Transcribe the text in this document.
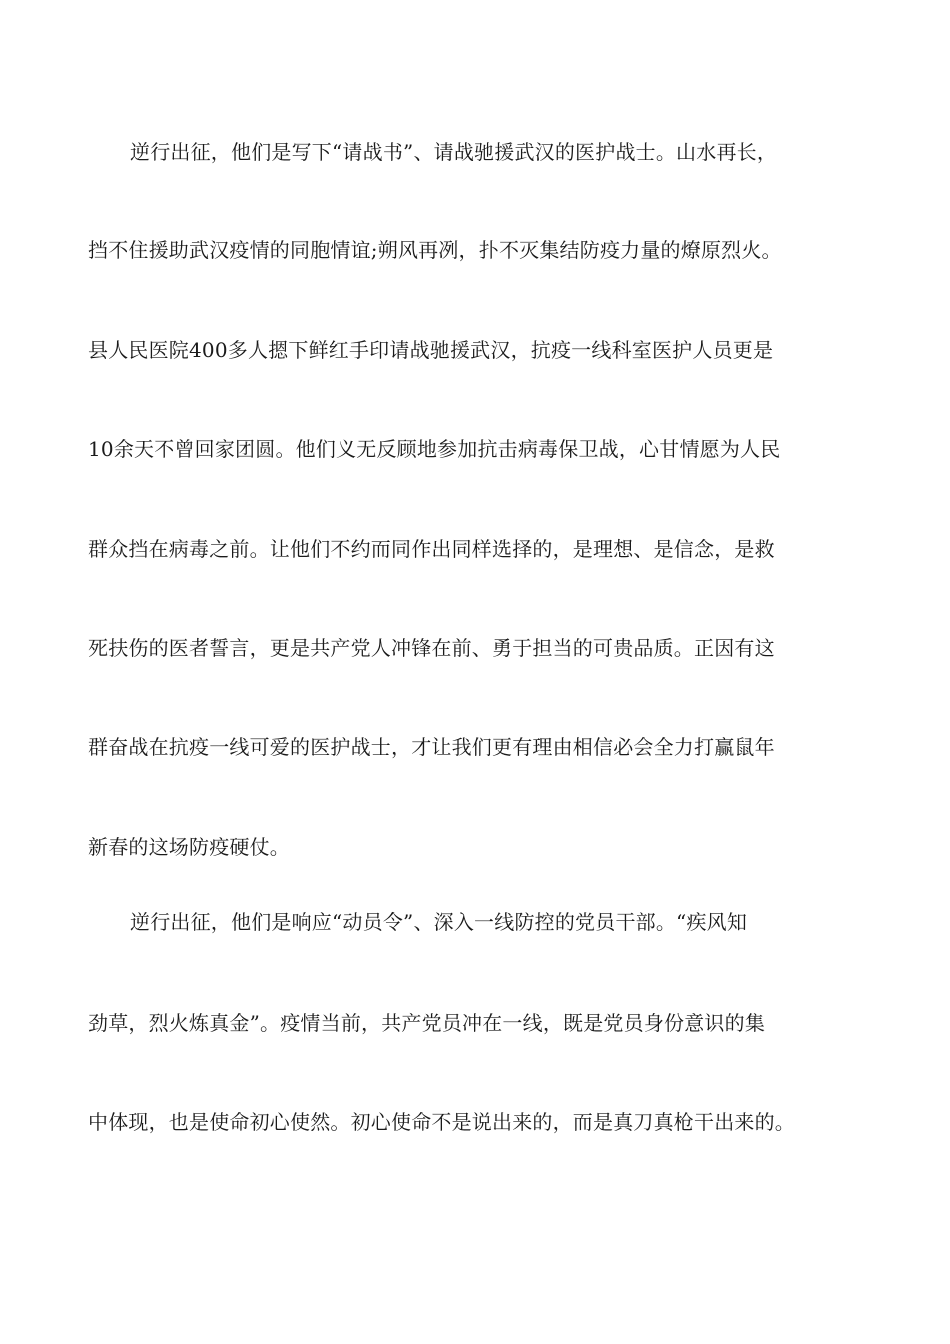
逆行出征，他们是写下“请战书”、请战驰援武汉的医护战士。山水再长，
挡不住援助武汉疫情的同胞情谊;朔风再冽，扑不灭集结防疫力量的燎原烈火。
县人民医院400多人摁下鲜红手印请战驰援武汉，抗疫一线科室医护人员更是
10余天不曾回家团圆。他们义无反顾地参加抗击病毒保卫战，心甘情愿为人民
群众挡在病毒之前。让他们不约而同作出同样选择的，是理想、是信念，是救
死扶伤的医者誓言，更是共产党人冲锋在前、勇于担当的可贵品质。正因有这
群奋战在抗疫一线可爱的医护战士，才让我们更有理由相信必会全力打赢鼠年
新春的这场防疫硬仗。
逆行出征，他们是响应“动员令”、深入一线防控的党员干部。“疾风知
劲草，烈火炼真金”。疫情当前，共产党员冲在一线，既是党员身份意识的集
中体现，也是使命初心使然。初心使命不是说出来的，而是真刀真枪干出来的。
